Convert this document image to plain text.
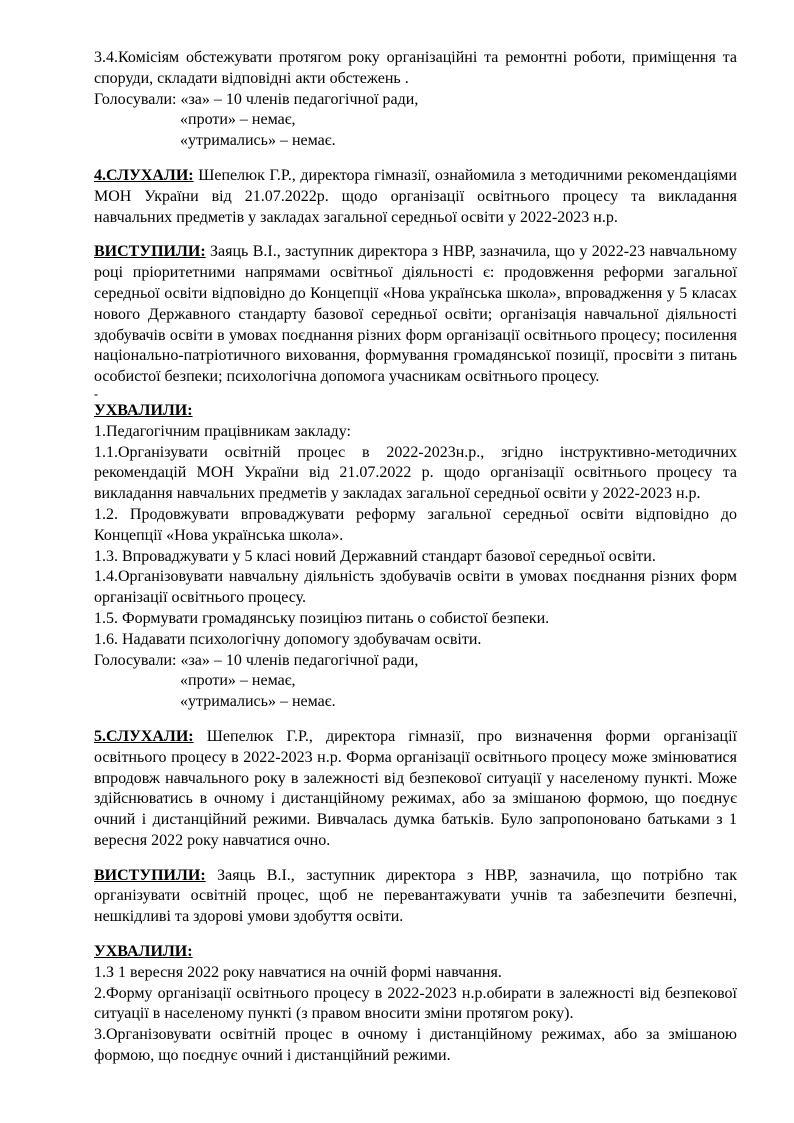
3.4.Комісіям обстежувати протягом року організаційні та ремонтні роботи, приміщення та споруди, складати відповідні акти обстежень .

Голосували: «за» – 10 членів педагогічної ради,

«проти» – немає,

«утримались» – немає.

4.СЛУХАЛИ: Шепелюк Г.Р., директора гімназії, ознайомила з методичними рекомендаціями МОН України від 21.07.2022р. щодо організації освітнього процесу та викладання навчальних предметів у закладах загальної середньої освіти у 2022-2023 н.р.

ВИСТУПИЛИ: Заяць В.І., заступник директора з НВР, зазначила, що у 2022-23 навчальному році пріоритетними напрямами освітньої діяльності є: продовження реформи загальної середньої освіти відповідно до Концепції «Нова українська школа», впровадження у 5 класах нового Державного стандарту базової середньої освіти; організація навчальної діяльності здобувачів освіти в умовах поєднання різних форм організації освітнього процесу; посилення національно-патріотичного виховання, формування громадянської позиції, просвіти з питань особистої безпеки; психологічна допомога учасникам освітнього процесу.

-

УХВАЛИЛИ:

1.Педагогічним працівникам закладу:

1.1.Організувати освітній процес в 2022-2023н.р., згідно інструктивно-методичних рекомендацій МОН України від 21.07.2022 р. щодо організації освітнього процесу та викладання навчальних предметів у закладах загальної середньої освіти у 2022-2023 н.р.

1.2. Продовжувати впроваджувати реформу загальної середньої освіти відповідно до Концепції «Нова українська школа».

1.3. Впроваджувати у 5 класі новий Державний стандарт базової середньої освіти.

1.4.Організовувати навчальну діяльність здобувачів освіти в умовах поєднання різних форм організації освітнього процесу.

1.5. Формувати громадянську позиціюз питань о собистої безпеки.

1.6. Надавати психологічну допомогу здобувачам освіти.

Голосували: «за» – 10 членів педагогічної ради,

«проти» – немає,

«утримались» – немає.

5.СЛУХАЛИ: Шепелюк Г.Р., директора гімназії, про визначення форми організації освітнього процесу в 2022-2023 н.р. Форма організації освітнього процесу може змінюватися впродовж навчального року в залежності від безпекової ситуації у населеному пункті. Може здійснюватись в очному і дистанційному режимах, або за змішаною формою, що поєднує очний і дистанційний режими. Вивчалась думка батьків. Було запропоновано батьками з 1 вересня 2022 року навчатися очно.

ВИСТУПИЛИ: Заяць В.І., заступник директора з НВР, зазначила, що потрібно так організувати освітній процес, щоб не перевантажувати учнів та забезпечити безпечні, нешкідливі та здорові умови здобуття освіти.

УХВАЛИЛИ:

1.З 1 вересня 2022 року навчатися на очній формі навчання.

2.Форму організації освітнього процесу в 2022-2023 н.р.обирати в залежності від безпекової ситуації в населеному пункті (з правом вносити зміни протягом року).

3.Організовувати освітній процес в очному і дистанційному режимах, або за змішаною формою, що поєднує очний і дистанційний режими.
